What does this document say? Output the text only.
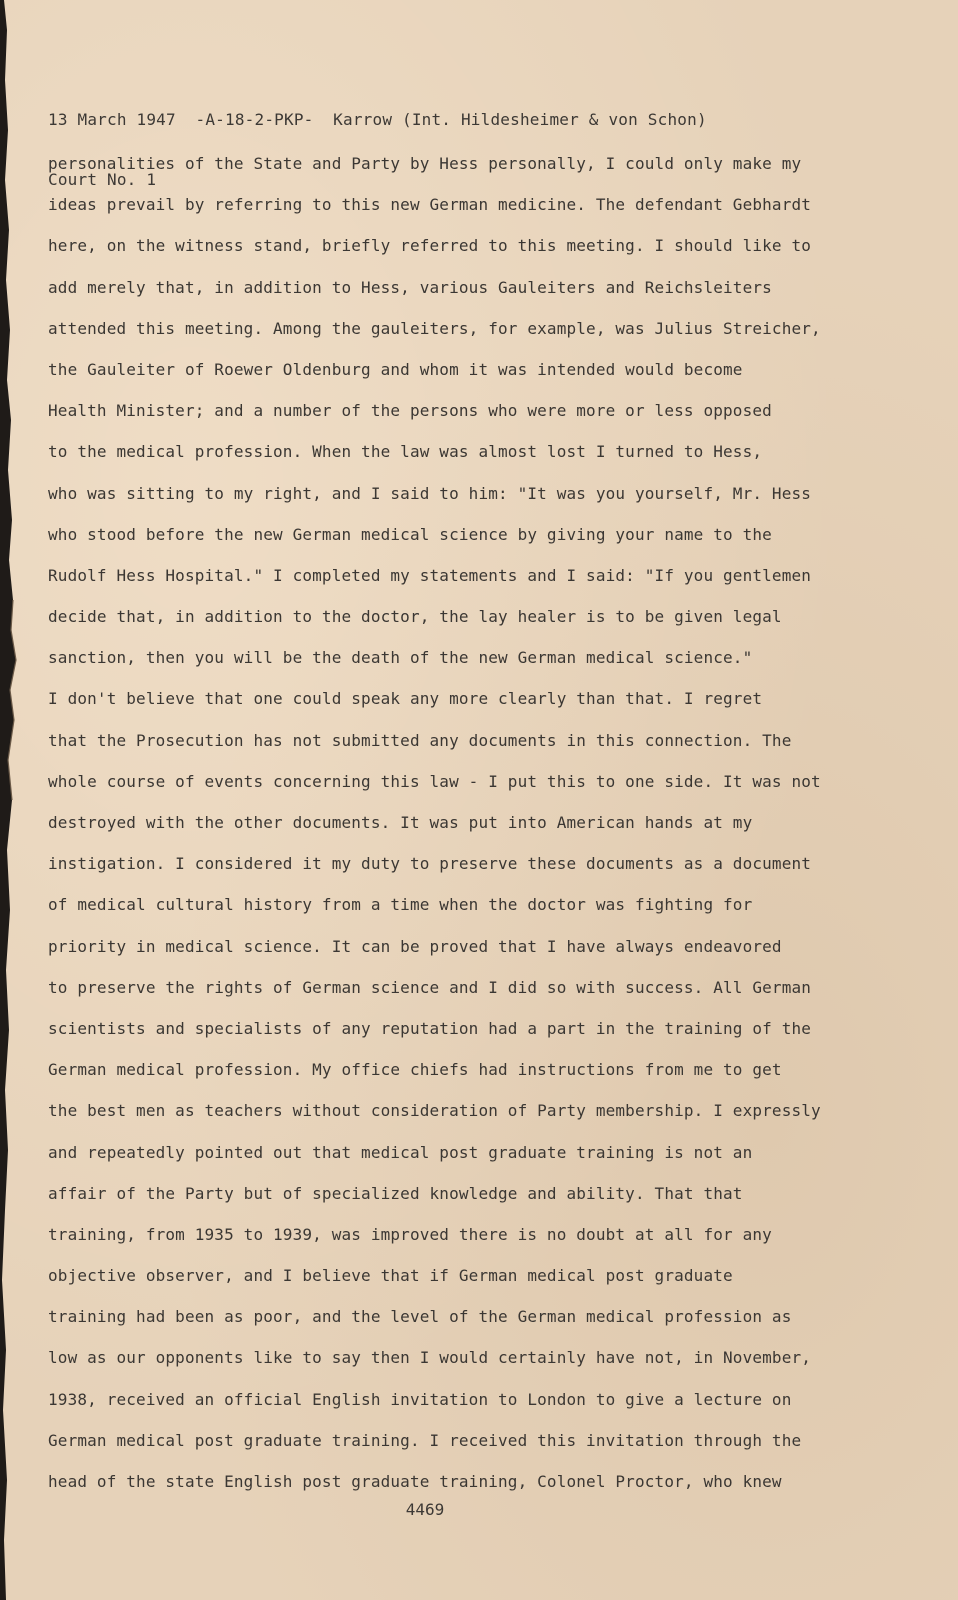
13 March 1947  -A-18-2-PKP-  Karrow (Int. Hildesheimer & von Schon)

Court No. 1

personalities of the State and Party by Hess personally, I could only make my
ideas prevail by referring to this new German medicine. The defendant Gebhardt
here, on the witness stand, briefly referred to this meeting. I should like to
add merely that, in addition to Hess, various Gauleiters and Reichsleiters
attended this meeting. Among the gauleiters, for example, was Julius Streicher,
the Gauleiter of Roewer Oldenburg and whom it was intended would become
Health Minister; and a number of the persons who were more or less opposed
to the medical profession. When the law was almost lost I turned to Hess,
who was sitting to my right, and I said to him: "It was you yourself, Mr. Hess
who stood before the new German medical science by giving your name to the
Rudolf Hess Hospital." I completed my statements and I said: "If you gentlemen
decide that, in addition to the doctor, the lay healer is to be given legal
sanction, then you will be the death of the new German medical science."
I don't believe that one could speak any more clearly than that. I regret
that the Prosecution has not submitted any documents in this connection. The
whole course of events concerning this law - I put this to one side. It was not
destroyed with the other documents. It was put into American hands at my
instigation. I considered it my duty to preserve these documents as a document
of medical cultural history from a time when the doctor was fighting for
priority in medical science. It can be proved that I have always endeavored
to preserve the rights of German science and I did so with success. All German
scientists and specialists of any reputation had a part in the training of the
German medical profession. My office chiefs had instructions from me to get
the best men as teachers without consideration of Party membership. I expressly
and repeatedly pointed out that medical post graduate training is not an
affair of the Party but of specialized knowledge and ability. That that
training, from 1935 to 1939, was improved there is no doubt at all for any
objective observer, and I believe that if German medical post graduate
training had been as poor, and the level of the German medical profession as
low as our opponents like to say then I would certainly have not, in November,
1938, received an official English invitation to London to give a lecture on
German medical post graduate training. I received this invitation through the
head of the state English post graduate training, Colonel Proctor, who knew
4469
